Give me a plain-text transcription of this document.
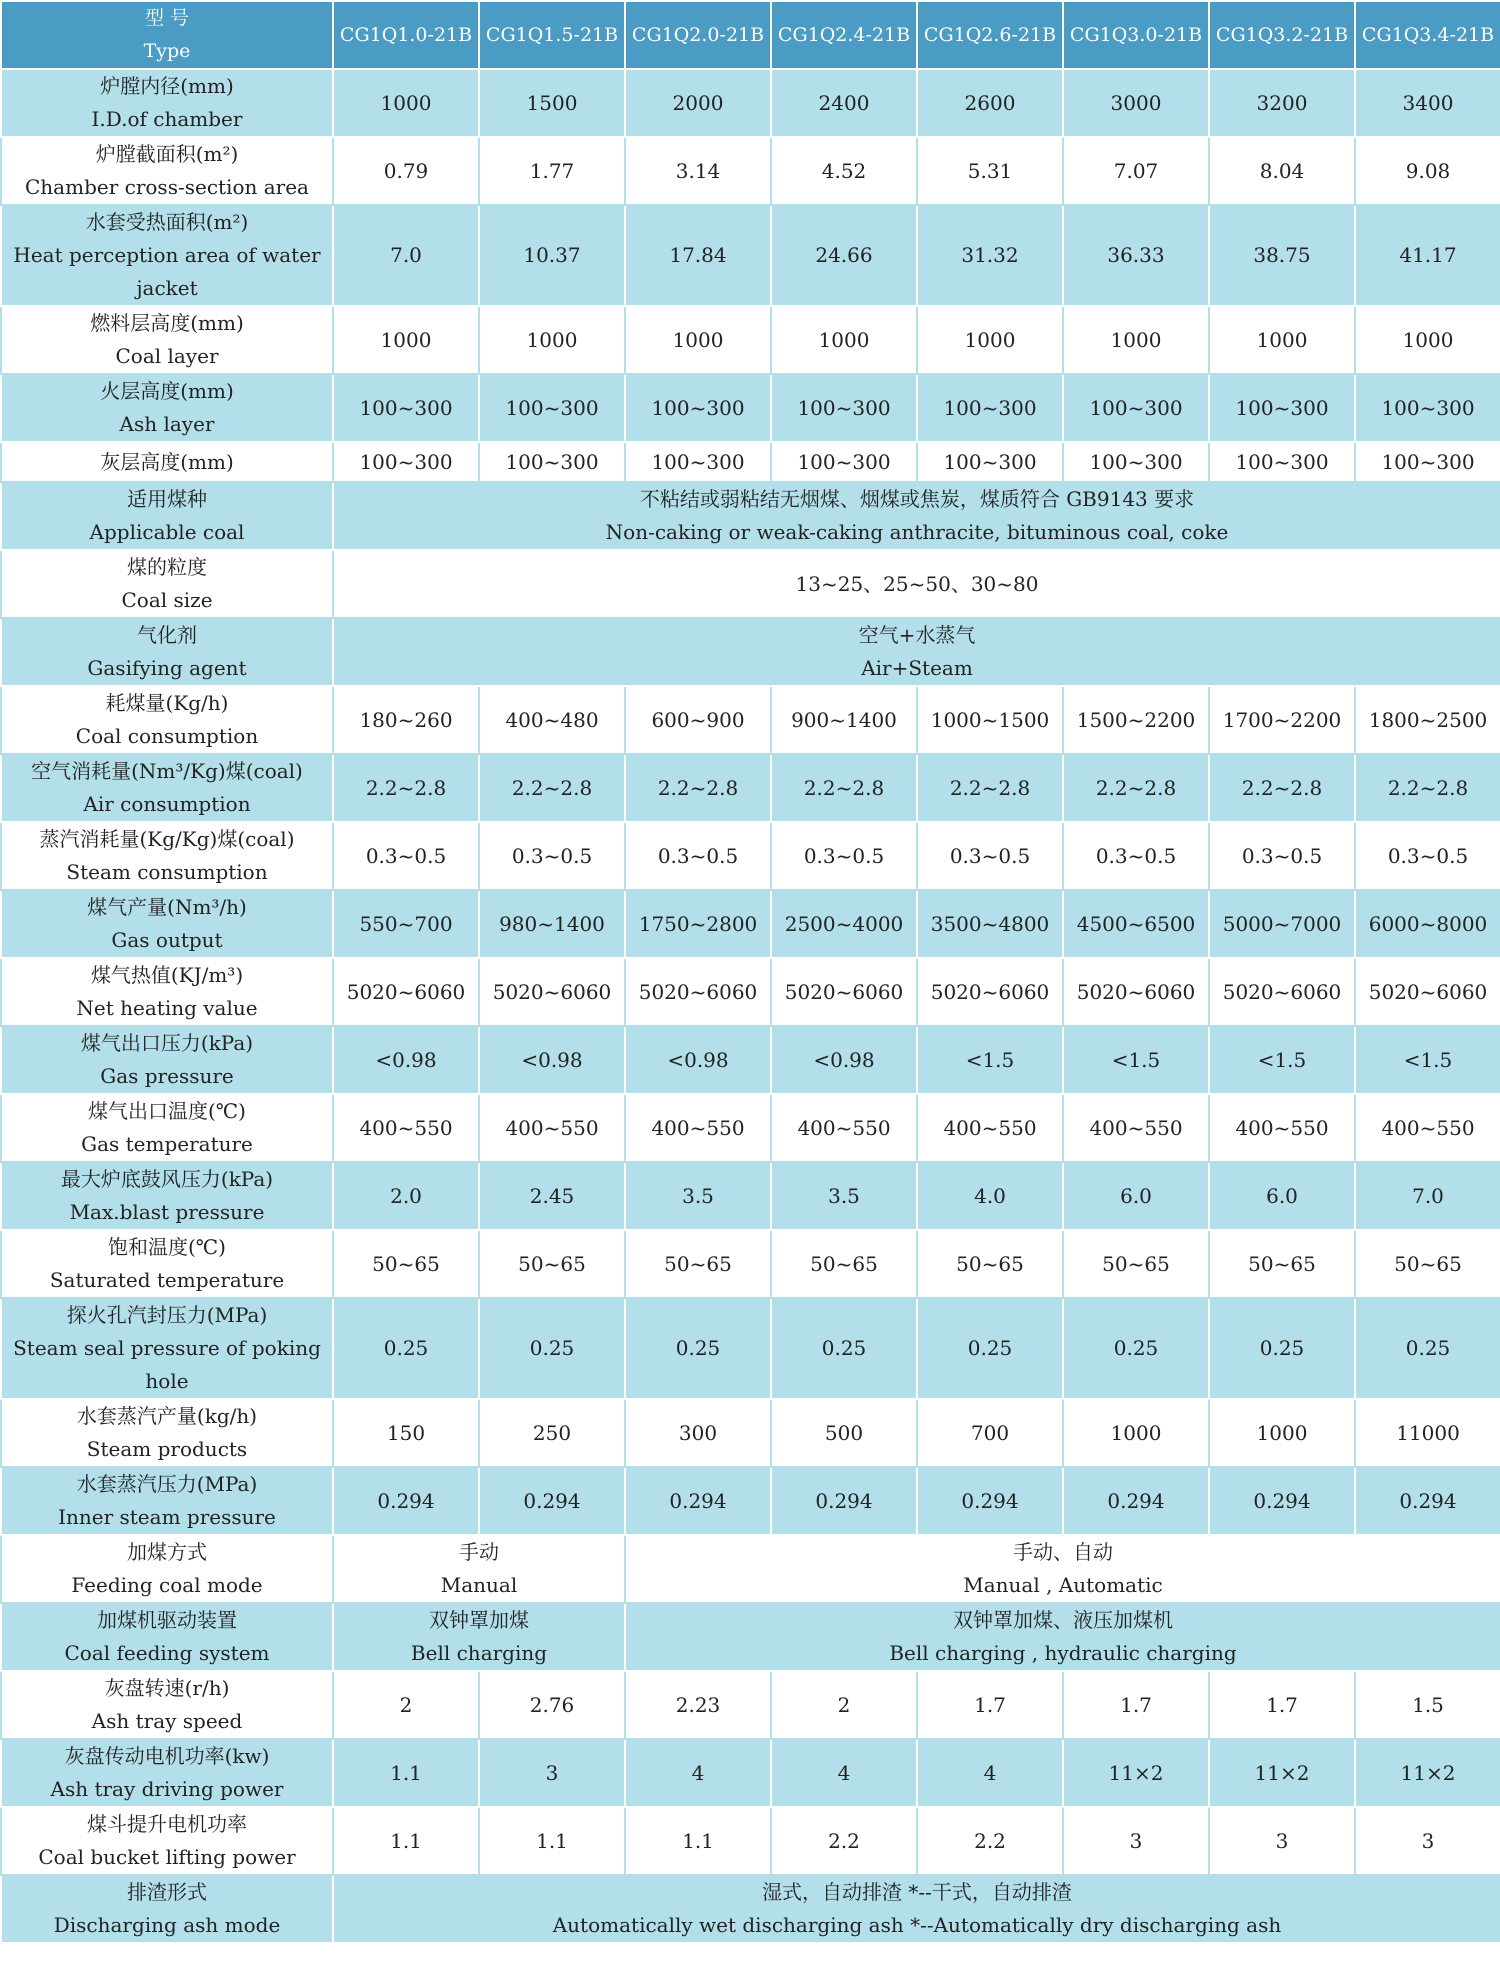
型 号
Type	CG1Q1.0-21B	CG1Q1.5-21B	CG1Q2.0-21B	CG1Q2.4-21B	CG1Q2.6-21B	CG1Q3.0-21B	CG1Q3.2-21B	CG1Q3.4-21B

炉膛内径(mm)
I.D.of chamber	1000	1500	2000	2400	2600	3000	3200	3400

炉膛截面积(m²)
Chamber cross-section area	0.79	1.77	3.14	4.52	5.31	7.07	8.04	9.08

水套受热面积(m²)
Heat perception area of water jacket	7.0	10.37	17.84	24.66	31.32	36.33	38.75	41.17

燃料层高度(mm)
Coal layer	1000	1000	1000	1000	1000	1000	1000	1000

火层高度(mm)
Ash layer	100~300	100~300	100~300	100~300	100~300	100~300	100~300	100~300

灰层高度(mm)	100~300	100~300	100~300	100~300	100~300	100~300	100~300	100~300

适用煤种
Applicable coal	不粘结或弱粘结无烟煤、烟煤或焦炭，煤质符合 GB9143 要求
Non-caking or weak-caking anthracite, bituminous coal, coke							

煤的粒度
Coal size	13~25、25~50、30~80							

气化剂
Gasifying agent	空气+水蒸气
Air+Steam							

耗煤量(Kg/h)
Coal consumption	180~260	400~480	600~900	900~1400	1000~1500	1500~2200	1700~2200	1800~2500

空气消耗量(Nm³/Kg)煤(coal)
Air consumption	2.2~2.8	2.2~2.8	2.2~2.8	2.2~2.8	2.2~2.8	2.2~2.8	2.2~2.8	2.2~2.8

蒸汽消耗量(Kg/Kg)煤(coal)
Steam consumption	0.3~0.5	0.3~0.5	0.3~0.5	0.3~0.5	0.3~0.5	0.3~0.5	0.3~0.5	0.3~0.5

煤气产量(Nm³/h)
Gas output	550~700	980~1400	1750~2800	2500~4000	3500~4800	4500~6500	5000~7000	6000~8000

煤气热值(KJ/m³)
Net heating value	5020~6060	5020~6060	5020~6060	5020~6060	5020~6060	5020~6060	5020~6060	5020~6060

煤气出口压力(kPa)
Gas pressure	<0.98	<0.98	<0.98	<0.98	<1.5	<1.5	<1.5	<1.5

煤气出口温度(℃)
Gas temperature	400~550	400~550	400~550	400~550	400~550	400~550	400~550	400~550

最大炉底鼓风压力(kPa)
Max.blast pressure	2.0	2.45	3.5	3.5	4.0	6.0	6.0	7.0

饱和温度(℃)
Saturated temperature	50~65	50~65	50~65	50~65	50~65	50~65	50~65	50~65

探火孔汽封压力(MPa)
Steam seal pressure of poking hole	0.25	0.25	0.25	0.25	0.25	0.25	0.25	0.25

水套蒸汽产量(kg/h)
Steam products	150	250	300	500	700	1000	1000	11000

水套蒸汽压力(MPa)
Inner steam pressure	0.294	0.294	0.294	0.294	0.294	0.294	0.294	0.294

加煤方式
Feeding coal mode	手动
Manual		手动、自动
Manual , Automatic					

加煤机驱动装置
Coal feeding system	双钟罩加煤
Bell charging		双钟罩加煤、液压加煤机
Bell charging , hydraulic charging					

灰盘转速(r/h)
Ash tray speed	2	2.76	2.23	2	1.7	1.7	1.7	1.5

灰盘传动电机功率(kw)
Ash tray driving power	1.1	3	4	4	4	11×2	11×2	11×2

煤斗提升电机功率
Coal bucket lifting power	1.1	1.1	1.1	2.2	2.2	3	3	3

排渣形式
Discharging ash mode	湿式，自动排渣 *--干式，自动排渣
Automatically wet discharging ash *--Automatically dry discharging ash							
